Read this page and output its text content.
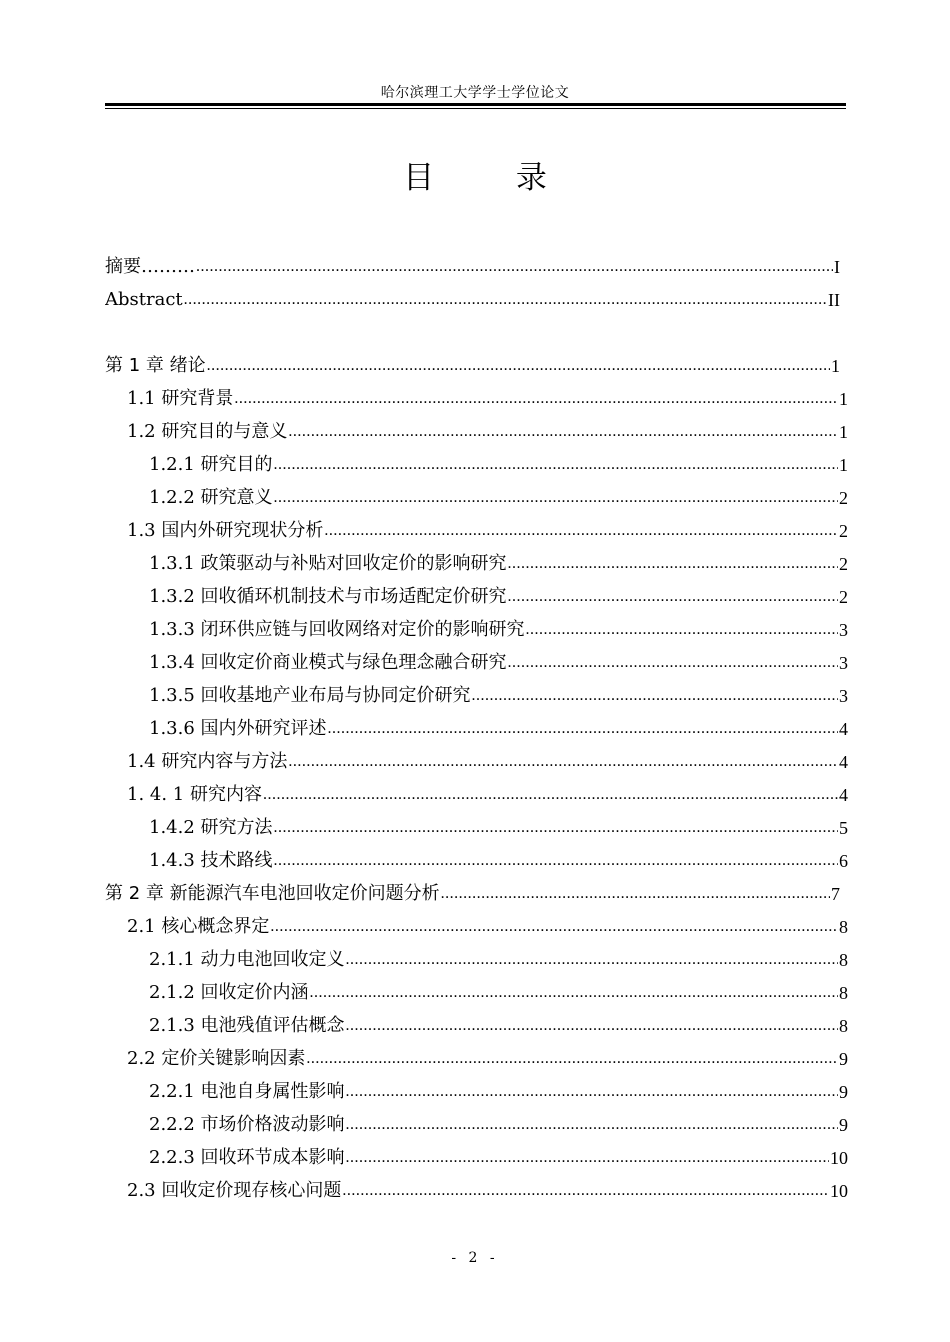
哈尔滨理工大学学士学位论文
目 录
摘要……… .....	I
Abstract .....	II
第 1 章 绪论 .....	1
1.1 研究背景 .....	1
1.2 研究目的与意义 .....	1
1.2.1 研究目的 .....	1
1.2.2 研究意义 .....	2
1.3 国内外研究现状分析 .....	2
1.3.1 政策驱动与补贴对回收定价的影响研究 .....	2
1.3.2 回收循环机制技术与市场适配定价研究 .....	2
1.3.3 闭环供应链与回收网络对定价的影响研究 .....	3
1.3.4 回收定价商业模式与绿色理念融合研究 .....	3
1.3.5 回收基地产业布局与协同定价研究 .....	3
1.3.6 国内外研究评述 .....	4
1.4 研究内容与方法 .....	4
1. 4. 1 研究内容 .....	4
1.4.2 研究方法 .....	5
1.4.3 技术路线 .....	6
第 2 章 新能源汽车电池回收定价问题分析 .....	7
2.1 核心概念界定 .....	8
2.1.1 动力电池回收定义 .....	8
2.1.2 回收定价内涵 .....	8
2.1.3 电池残值评估概念 .....	8
2.2 定价关键影响因素 .....	9
2.2.1 电池自身属性影响 .....	9
2.2.2 市场价格波动影响 .....	9
2.2.3 回收环节成本影响 .....	10
2.3 回收定价现存核心问题 .....	10
- 2 -
